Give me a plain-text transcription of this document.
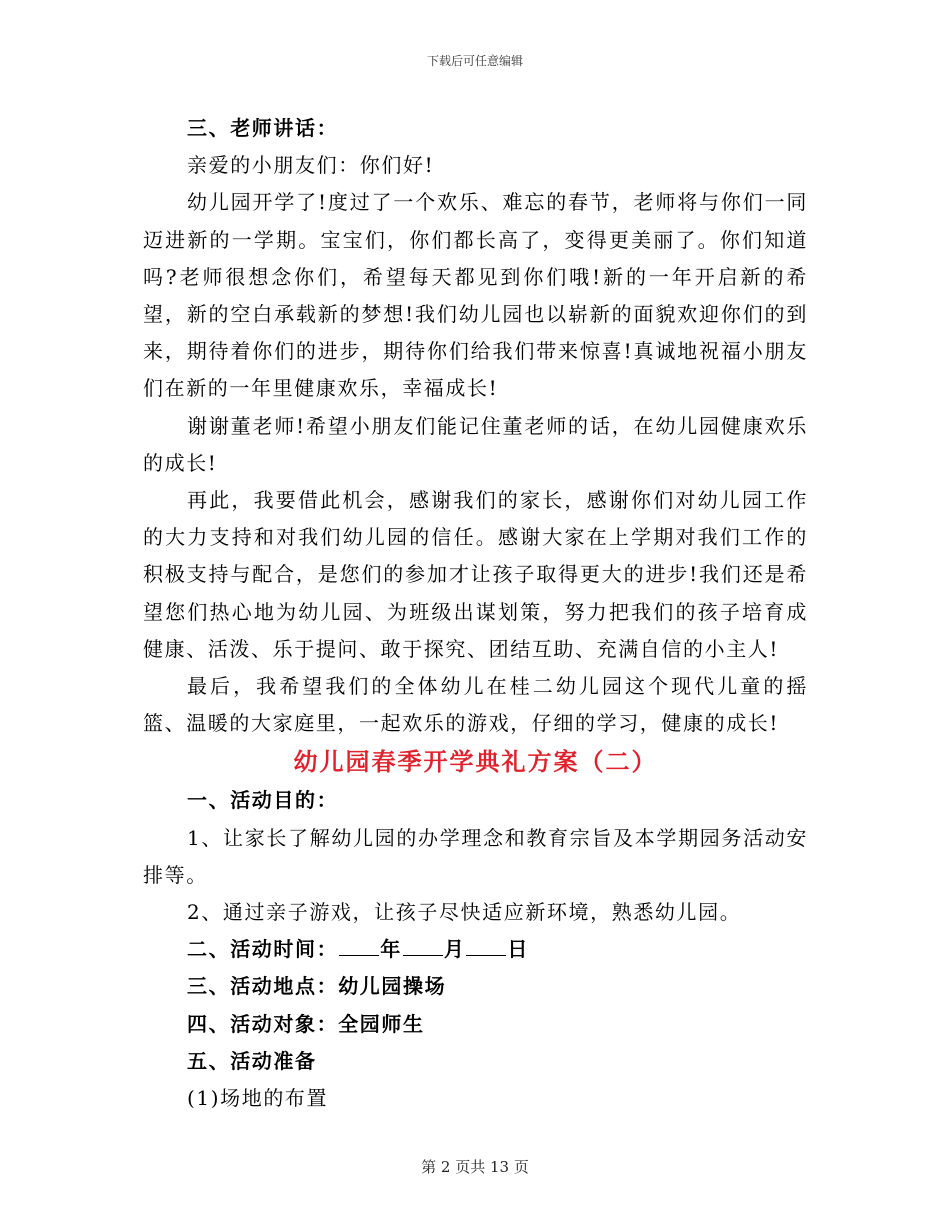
下载后可任意编辑

三、老师讲话：

亲爱的小朋友们：你们好!

幼儿园开学了!度过了一个欢乐、难忘的春节，老师将与你们一同迈进新的一学期。宝宝们，你们都长高了，变得更美丽了。你们知道吗?老师很想念你们，希望每天都见到你们哦!新的一年开启新的希望，新的空白承载新的梦想!我们幼儿园也以崭新的面貌欢迎你们的到来，期待着你们的进步，期待你们给我们带来惊喜!真诚地祝福小朋友们在新的一年里健康欢乐，幸福成长!

谢谢董老师!希望小朋友们能记住董老师的话，在幼儿园健康欢乐的成长!

再此，我要借此机会，感谢我们的家长，感谢你们对幼儿园工作的大力支持和对我们幼儿园的信任。感谢大家在上学期对我们工作的积极支持与配合，是您们的参加才让孩子取得更大的进步!我们还是希望您们热心地为幼儿园、为班级出谋划策，努力把我们的孩子培育成健康、活泼、乐于提问、敢于探究、团结互助、充满自信的小主人!

最后，我希望我们的全体幼儿在桂二幼儿园这个现代儿童的摇篮、温暖的大家庭里，一起欢乐的游戏，仔细的学习，健康的成长!

幼儿园春季开学典礼方案（二）

一、活动目的：

1、让家长了解幼儿园的办学理念和教育宗旨及本学期园务活动安排等。

2、通过亲子游戏，让孩子尽快适应新环境，熟悉幼儿园。

二、活动时间： 年 月 日

三、活动地点：幼儿园操场

四、活动对象：全园师生

五、活动准备

(1)场地的布置

第 2 页共 13 页
